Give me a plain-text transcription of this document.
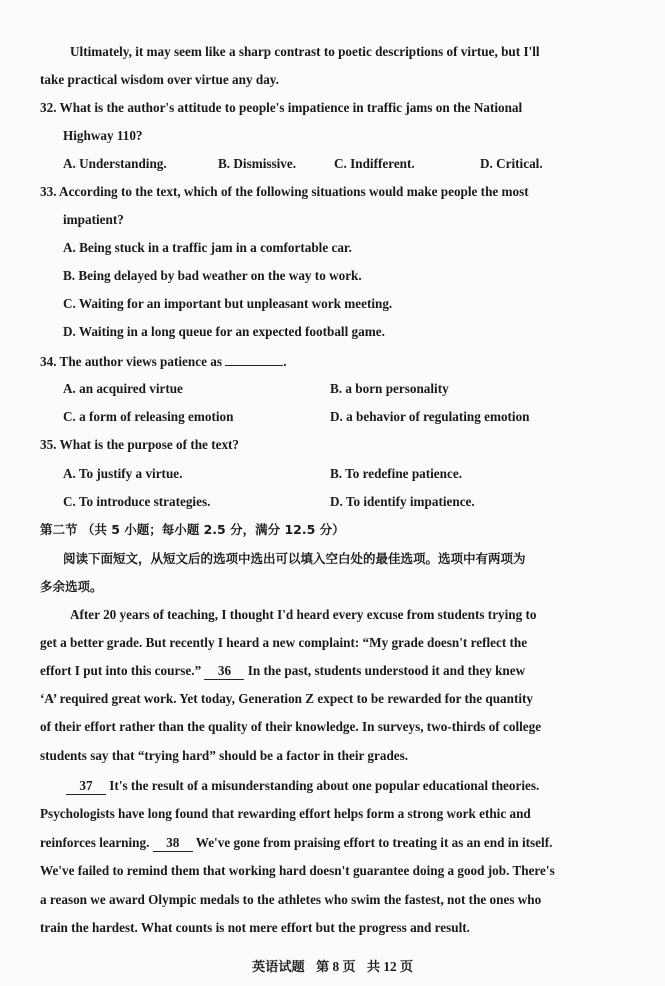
Ultimately, it may seem like a sharp contrast to poetic descriptions of virtue, but I'll
take practical wisdom over virtue any day.
32. What is the author's attitude to people's impatience in traffic jams on the National
Highway 110?
A. Understanding.	B. Dismissive.	C. Indifferent.	D. Critical.
33. According to the text, which of the following situations would make people the most
impatient?
A. Being stuck in a traffic jam in a comfortable car.
B. Being delayed by bad weather on the way to work.
C. Waiting for an important but unpleasant work meeting.
D. Waiting in a long queue for an expected football game.
34. The author views patience as	.
A. an acquired virtue	B. a born personality
C. a form of releasing emotion	D. a behavior of regulating emotion
35. What is the purpose of the text?
A. To justify a virtue.	B. To redefine patience.
C. To introduce strategies.	D. To identify impatience.
第二节 （共 5 小题；每小题 2.5 分，满分 12.5 分）
阅读下面短文，从短文后的选项中选出可以填入空白处的最佳选项。选项中有两项为
多余选项。
After 20 years of teaching, I thought I'd heard every excuse from students trying to
get a better grade. But recently I heard a new complaint: “My grade doesn't reflect the
effort I put into this course.” 36 In the past, students understood it and they knew
‘A’ required great work. Yet today, Generation Z expect to be rewarded for the quantity
of their effort rather than the quality of their knowledge. In surveys, two-thirds of college
students say that “trying hard” should be a factor in their grades.
37 It's the result of a misunderstanding about one popular educational theories.
Psychologists have long found that rewarding effort helps form a strong work ethic and
reinforces learning. 38 We've gone from praising effort to treating it as an end in itself.
We've failed to remind them that working hard doesn't guarantee doing a good job. There's
a reason we award Olympic medals to the athletes who swim the fastest, not the ones who
train the hardest. What counts is not mere effort but the progress and result.
英语试题 第 8 页 共 12 页
